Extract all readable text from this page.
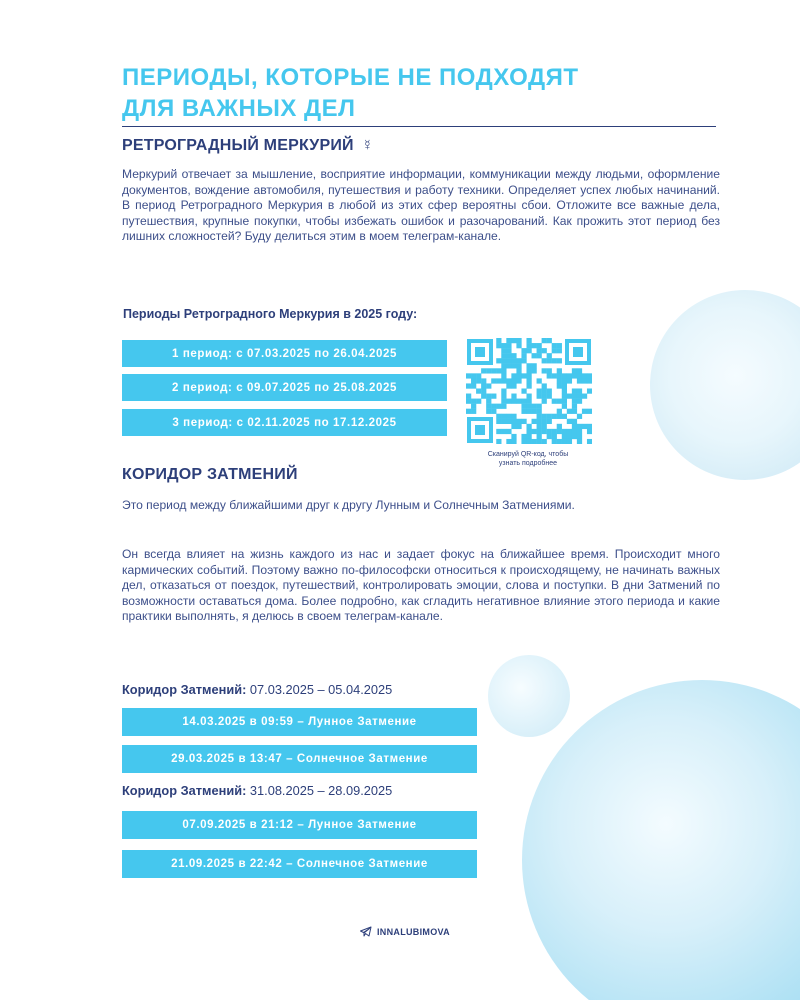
ПЕРИОДЫ, КОТОРЫЕ НЕ ПОДХОДЯТ
ДЛЯ ВАЖНЫХ ДЕЛ
РЕТРОГРАДНЫЙ МЕРКУРИЙ ☿

Меркурий отвечает за мышление, восприятие информации, коммуникации между людьми, оформление документов, вождение автомобиля, путешествия и работу техники. Определяет успех любых начинаний. В период Ретроградного Меркурия в любой из этих сфер вероятны сбои. Отложите все важные дела, путешествия, крупные покупки, чтобы избежать ошибок и разочарований. Как прожить этот период без лишних сложностей? Буду делиться этим в моем телеграм-канале.

Периоды Ретроградного Меркурия в 2025 году:
1 период: с 07.03.2025 по 26.04.2025
2 период: с 09.07.2025 по 25.08.2025
3 период: с 02.11.2025 по 17.12.2025
Сканируй QR-код, чтобы
узнать подробнее
КОРИДОР ЗАТМЕНИЙ

Это период между ближайшими друг к другу Лунным и Солнечным Затмениями.

Он всегда влияет на жизнь каждого из нас и задает фокус на ближайшее время. Происходит много кармических событий. Поэтому важно по-философски относиться к происходящему, не начинать важных дел, отказаться от поездок, путешествий, контролировать эмоции, слова и поступки. В дни Затмений по возможности оставаться дома. Более подробно, как сгладить негативное влияние этого периода и какие практики выполнять, я делюсь в своем телеграм-канале.

Коридор Затмений: 07.03.2025 – 05.04.2025
14.03.2025 в 09:59 – Лунное Затмение
29.03.2025 в 13:47 – Солнечное Затмение
Коридор Затмений: 31.08.2025 – 28.09.2025
07.09.2025 в 21:12 – Лунное Затмение
21.09.2025 в 22:42 – Солнечное Затмение
INNALUBIMOVA
